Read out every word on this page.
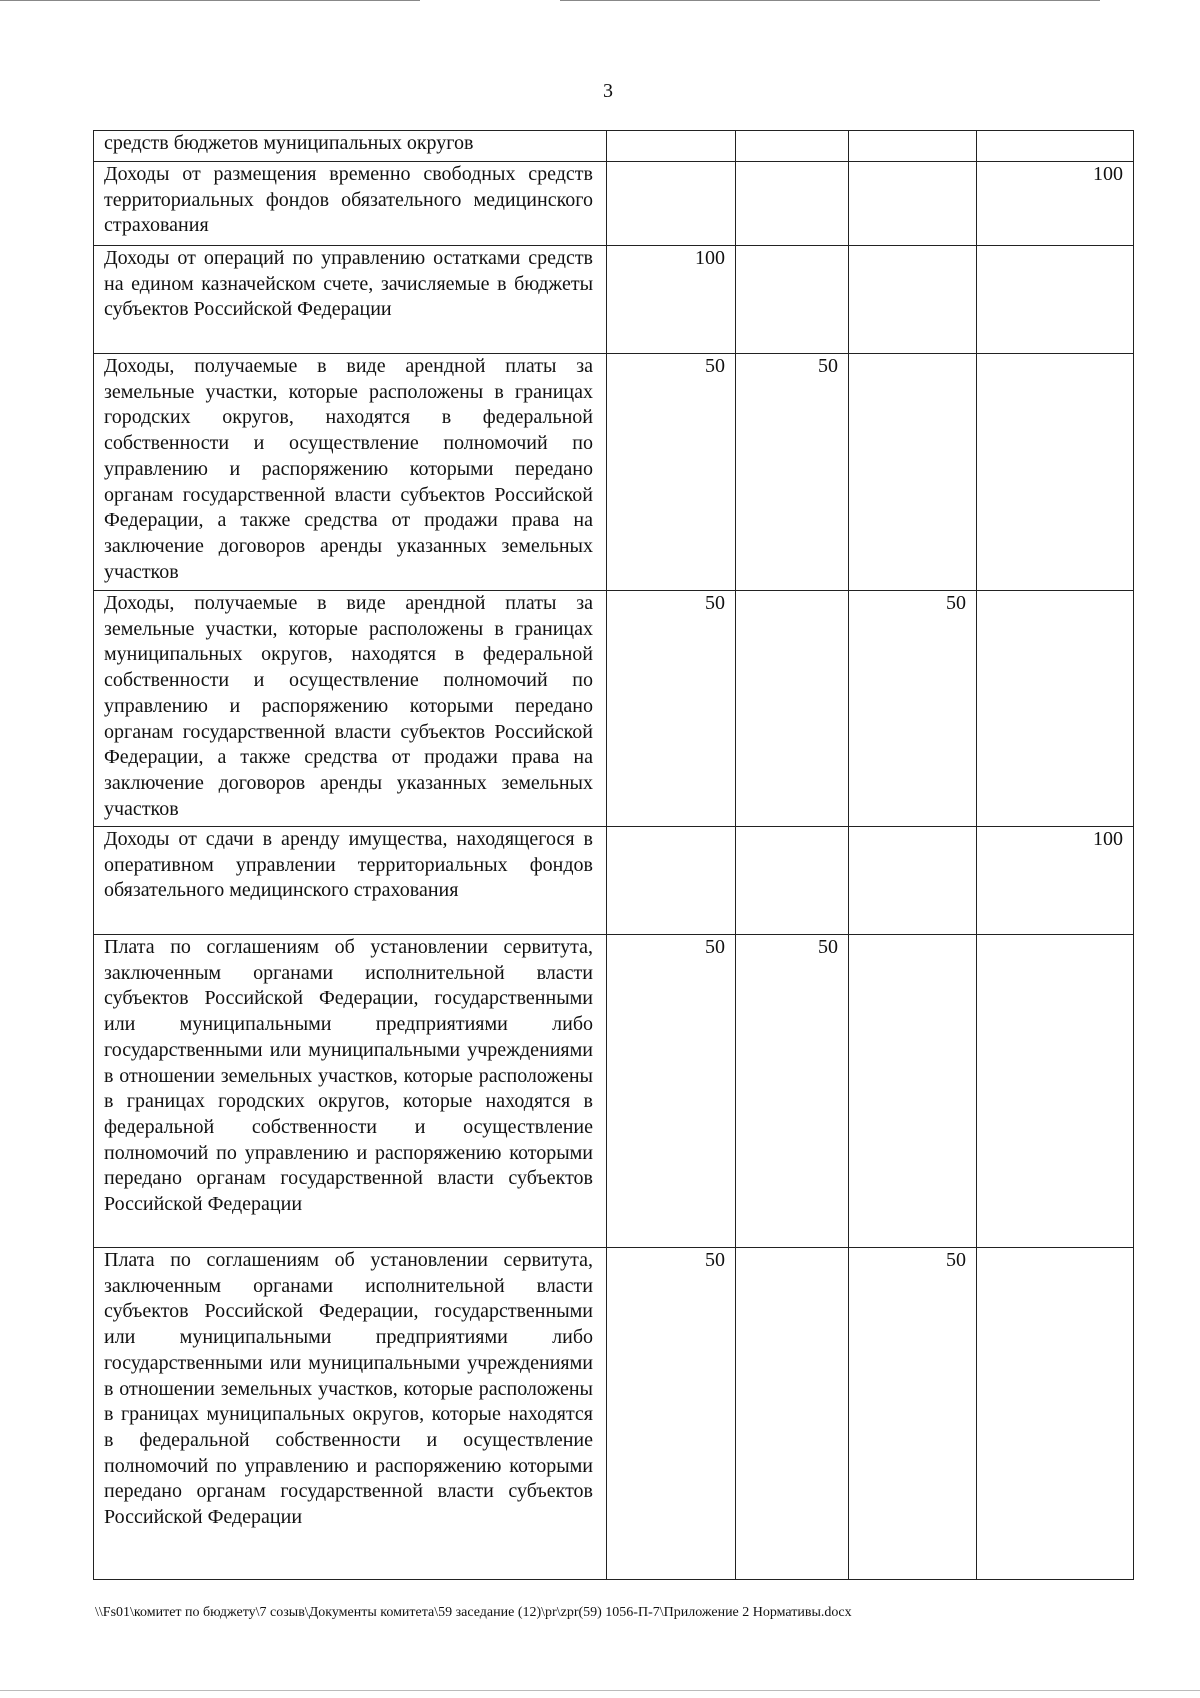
3
средств бюджетов муниципальных округов				
Доходы от размещения временно свободных средств территориальных фондов обязательного медицинского страхования				100
Доходы от операций по управлению остатками средств на едином казначейском счете, зачисляемые в бюджеты субъектов Российской Федерации	100			
Доходы, получаемые в виде арендной платы за земельные участки, которые расположены в границах городских округов, находятся в федеральной собственности и осуществление полномочий по управлению и распоряжению которыми передано органам государственной власти субъектов Российской Федерации, а также средства от продажи права на заключение договоров аренды указанных земельных участков	50	50		
Доходы, получаемые в виде арендной платы за земельные участки, которые расположены в границах муниципальных округов, находятся в федеральной собственности и осуществление полномочий по управлению и распоряжению которыми передано органам государственной власти субъектов Российской Федерации, а также средства от продажи права на заключение договоров аренды указанных земельных участков	50		50	
Доходы от сдачи в аренду имущества, находящегося в оперативном управлении территориальных фондов обязательного медицинского страхования				100
Плата по соглашениям об установлении сервитута, заключенным органами исполнительной власти субъектов Российской Федерации, государственными или муниципальными предприятиями либо государственными или муниципальными учреждениями в отношении земельных участков, которые расположены в границах городских округов, которые находятся в федеральной собственности и осуществление полномочий по управлению и распоряжению которыми передано органам государственной власти субъектов Российской Федерации	50	50		
Плата по соглашениям об установлении сервитута, заключенным органами исполнительной власти субъектов Российской Федерации, государственными или муниципальными предприятиями либо государственными или муниципальными учреждениями в отношении земельных участков, которые расположены в границах муниципальных округов, которые находятся в федеральной собственности и осуществление полномочий по управлению и распоряжению которыми передано органам государственной власти субъектов Российской Федерации	50		50	
\\Fs01\комитет по бюджету\7 созыв\Документы комитета\59 заседание (12)\pr\zpr(59) 1056-П-7\Приложение 2 Нормативы.docx
